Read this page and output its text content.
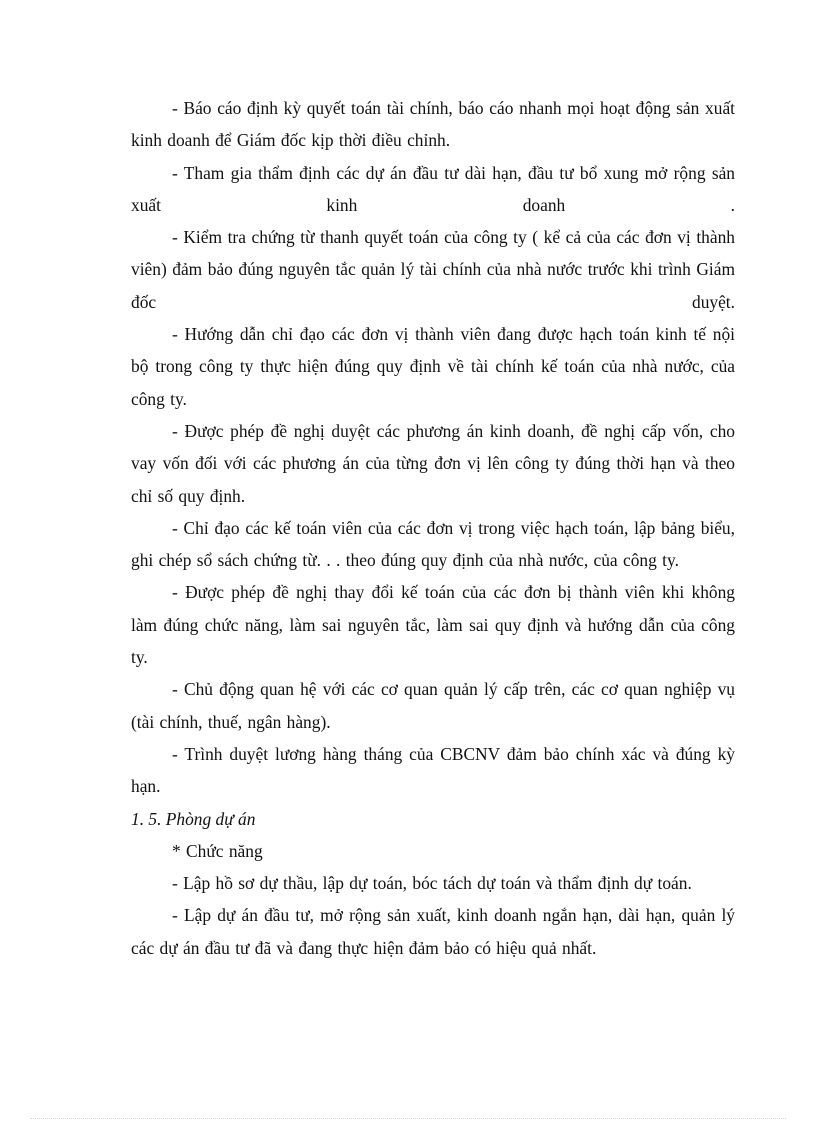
- Báo cáo định kỳ quyết toán tài chính, báo cáo nhanh mọi hoạt động sản xuất kinh doanh để Giám đốc kịp thời điều chỉnh.

- Tham gia thẩm định các dự án đầu tư dài hạn, đầu tư bổ xung mở rộng sản xuất kinh doanh .

- Kiểm tra chứng từ thanh quyết toán của công ty ( kể cả của các đơn vị thành viên) đảm bảo đúng nguyên tắc quản lý tài chính của nhà nước trước khi trình Giám đốc duyệt.

- Hướng dẫn chỉ đạo các đơn vị thành viên đang được hạch toán kinh tế nội bộ trong công ty thực hiện đúng quy định về tài chính kế toán của nhà nước, của công ty.

- Được phép đề nghị duyệt các phương án kinh doanh, đề nghị cấp vốn, cho vay vốn đối với các phương án của từng đơn vị lên công ty đúng thời hạn và theo chỉ số quy định.

- Chỉ đạo các kế toán viên của các đơn vị trong việc hạch toán, lập bảng biểu, ghi chép sổ sách chứng từ. . . theo đúng quy định của nhà nước, của công ty.

- Được phép đề nghị thay đổi kế toán của các đơn bị thành viên khi không làm đúng chức năng, làm sai nguyên tắc, làm sai quy định và hướng dẫn của công ty.

- Chủ động quan hệ với các cơ quan quản lý cấp trên, các cơ quan nghiệp vụ (tài chính, thuế, ngân hàng).

- Trình duyệt lương hàng tháng của CBCNV đảm bảo chính xác và đúng kỳ hạn.

1. 5. Phòng dự án

* Chức năng

- Lập hồ sơ dự thầu, lập dự toán, bóc tách dự toán và thẩm định dự toán.

- Lập dự án đầu tư, mở rộng sản xuất, kinh doanh ngắn hạn, dài hạn, quản lý các dự án đầu tư đã và đang thực hiện đảm bảo có hiệu quả nhất.
